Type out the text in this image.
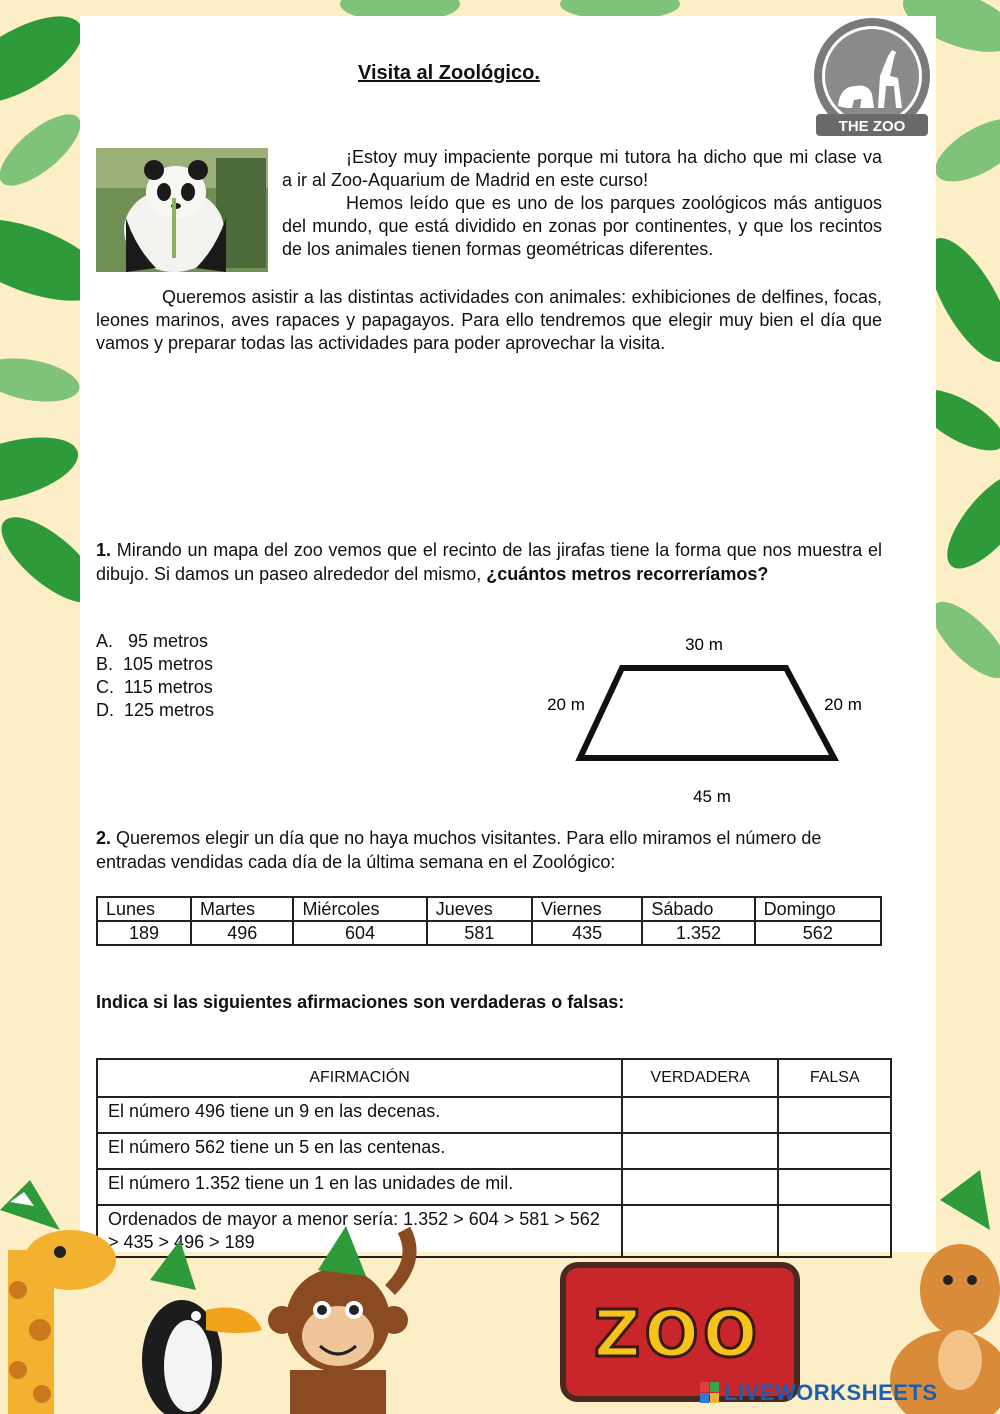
Visita al Zoológico.
THE ZOO

¡Estoy muy impaciente porque mi tutora ha dicho que mi clase va a ir al Zoo-Aquarium de Madrid en este curso!

Hemos leído que es uno de los parques zoológicos más antiguos del mundo, que está dividido en zonas por continentes, y que los recintos de los animales tienen formas geométricas diferentes.

Queremos asistir a las distintas actividades con animales: exhibiciones de delfines, focas, leones marinos, aves rapaces y papagayos. Para ello tendremos que elegir muy bien el día que vamos y preparar todas las actividades para poder aprovechar la visita.

1. Mirando un mapa del zoo vemos que el recinto de las jirafas tiene la forma que nos muestra el dibujo. Si damos un paseo alrededor del mismo, ¿cuántos metros recorreríamos?

A.   95 metros
B.  105 metros
C.  115 metros
D.  125 metros
30 m
20 m	20 m
45 m

2. Queremos elegir un día que no haya muchos visitantes. Para ello miramos el número de entradas vendidas cada día de la última semana en el Zoológico:

Lunes	Martes	Miércoles	Jueves	Viernes	Sábado	Domingo
189	496	604	581	435	1.352	562

Indica si las siguientes afirmaciones son verdaderas o falsas:

AFIRMACIÓN	VERDADERA	FALSA
El número 496 tiene un 9 en las decenas.		
El número 562 tiene un 5 en las centenas.		
El número 1.352 tiene un 1 en las unidades de mil.		
Ordenados de mayor a menor sería: 1.352 > 604 > 581 > 562 > 435 > 496 > 189		
ZOO
LIVEWORKSHEETS
